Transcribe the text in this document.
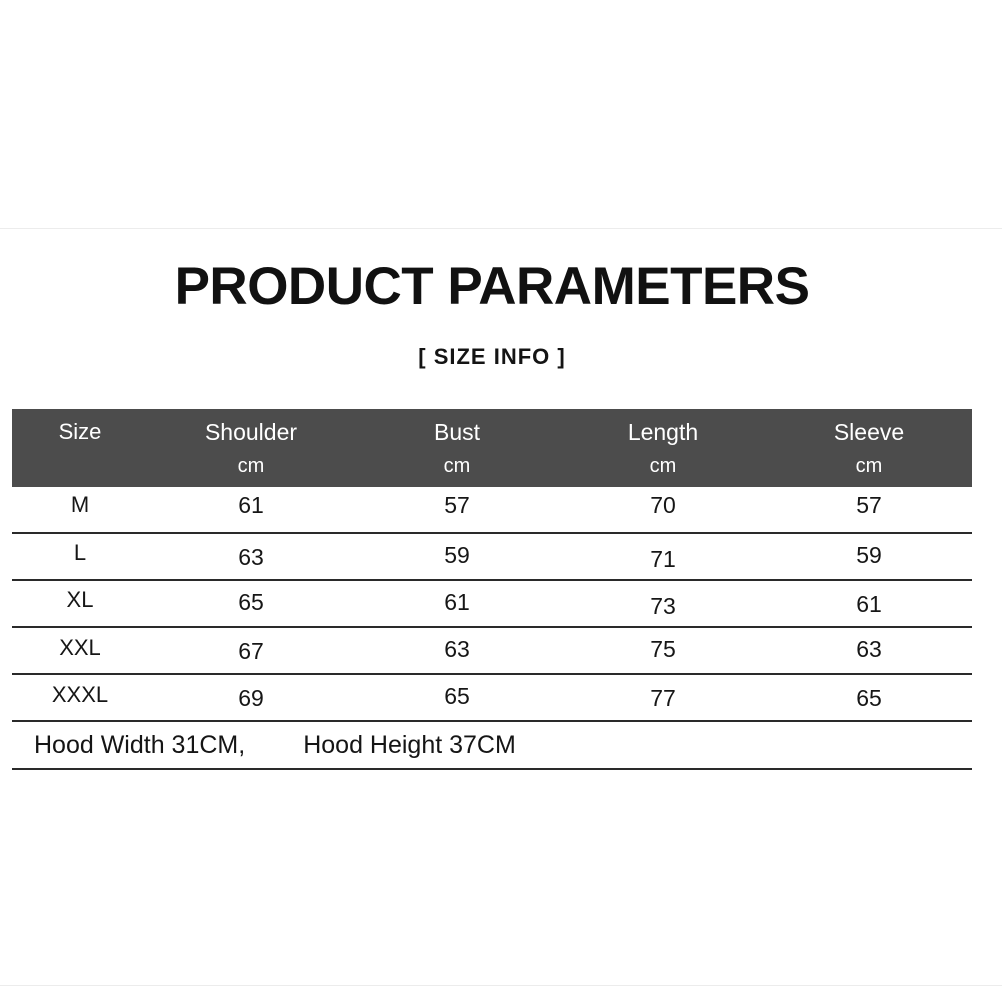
PRODUCT PARAMETERS
[ SIZE INFO ]
Size	Shoulder	Bust	Length	Sleeve
	cm	cm	cm	cm
M	61	57	70	57
L	63	59	71	59
XL	65	61	73	61
XXL	67	63	75	63
XXXL	69	65	77	65
Hood Width 31CM, Hood Height 37CM				
